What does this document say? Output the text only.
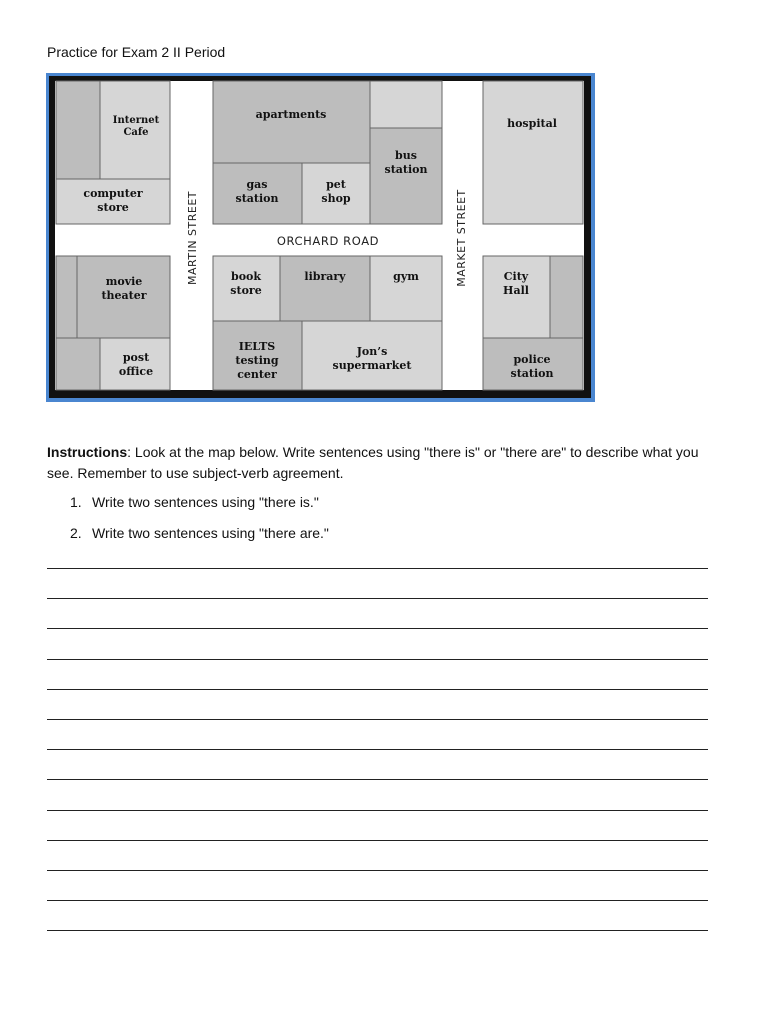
Practice for Exam 2 II Period
MARTIN STREET	ORCHARD ROAD	MARKET STREET
Internet Cafe
apartments
hospital
computer store
gas station
pet shop
bus station
movie theater
book store
library	gym	City Hall
post office
IELTS testing center
Jon’s supermarket	police station
Instructions: Look at the map below. Write sentences using "there is" or "there are" to describe what you see. Remember to use subject-verb agreement.
1. Write two sentences using "there is."
2. Write two sentences using "there are."
